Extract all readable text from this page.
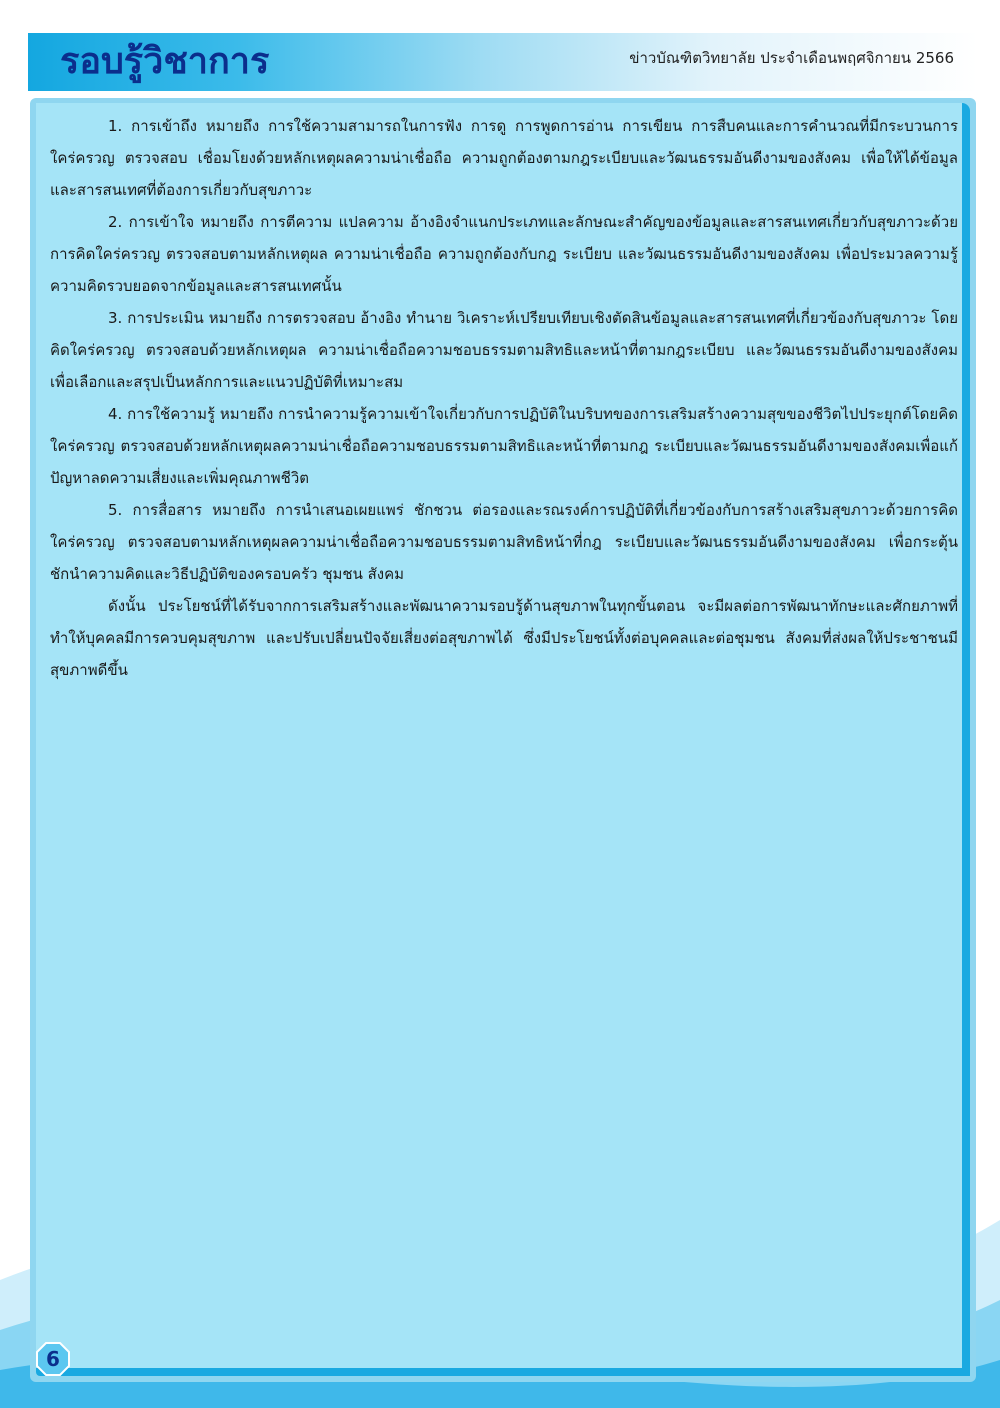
รอบรู้วิชาการ	ข่าวบัณฑิตวิทยาลัย ประจำเดือนพฤศจิกายน 2566

1. การเข้าถึง หมายถึง การใช้ความสามารถในการฟัง การดู การพูดการอ่าน การเขียน การสืบคนและการคำนวณที่มีกระบวนการใคร่ครวญ ตรวจสอบ เชื่อมโยงด้วยหลักเหตุผลความน่าเชื่อถือ ความถูกต้องตามกฎระเบียบและวัฒนธรรมอันดีงามของสังคม เพื่อให้ได้ข้อมูลและสารสนเทศที่ต้องการเกี่ยวกับสุขภาวะ

2. การเข้าใจ หมายถึง การตีความ แปลความ อ้างอิงจำแนกประเภทและลักษณะสำคัญของข้อมูลและสารสนเทศเกี่ยวกับสุขภาวะด้วยการคิดใคร่ครวญ ตรวจสอบตามหลักเหตุผล ความน่าเชื่อถือ ความถูกต้องกับกฎ ระเบียบ และวัฒนธรรมอันดีงามของสังคม เพื่อประมวลความรู้ความคิดรวบยอดจากข้อมูลและสารสนเทศนั้น

3. การประเมิน หมายถึง การตรวจสอบ อ้างอิง ทำนาย วิเคราะห์เปรียบเทียบเชิงตัดสินข้อมูลและสารสนเทศที่เกี่ยวข้องกับสุขภาวะ โดยคิดใคร่ครวญ ตรวจสอบด้วยหลักเหตุผล ความน่าเชื่อถือความชอบธรรมตามสิทธิและหน้าที่ตามกฎระเบียบ และวัฒนธรรมอันดีงามของสังคม เพื่อเลือกและสรุปเป็นหลักการและแนวปฏิบัติที่เหมาะสม

4. การใช้ความรู้ หมายถึง การนำความรู้ความเข้าใจเกี่ยวกับการปฏิบัติในบริบทของการเสริมสร้างความสุขของชีวิตไปประยุกต์โดยคิดใคร่ครวญ ตรวจสอบด้วยหลักเหตุผลความน่าเชื่อถือความชอบธรรมตามสิทธิและหน้าที่ตามกฎ ระเบียบและวัฒนธรรมอันดีงามของสังคมเพื่อแก้ปัญหาลดความเสี่ยงและเพิ่มคุณภาพชีวิต

5. การสื่อสาร หมายถึง การนำเสนอเผยแพร่ ชักชวน ต่อรองและรณรงค์การปฏิบัติที่เกี่ยวข้องกับการสร้างเสริมสุขภาวะด้วยการคิดใคร่ครวญ ตรวจสอบตามหลักเหตุผลความน่าเชื่อถือความชอบธรรมตามสิทธิหน้าที่กฎ ระเบียบและวัฒนธรรมอันดีงามของสังคม เพื่อกระตุ้น ชักนำความคิดและวิธีปฏิบัติของครอบครัว ชุมชน สังคม

ดังนั้น ประโยชน์ที่ได้รับจากการเสริมสร้างและพัฒนาความรอบรู้ด้านสุขภาพในทุกขั้นตอน จะมีผลต่อการพัฒนาทักษะและศักยภาพที่ทำให้บุคคลมีการควบคุมสุขภาพ และปรับเปลี่ยนปัจจัยเสี่ยงต่อสุขภาพได้ ซึ่งมีประโยชน์ทั้งต่อบุคคลและต่อชุมชน สังคมที่ส่งผลให้ประชาชนมีสุขภาพดีขึ้น

6
